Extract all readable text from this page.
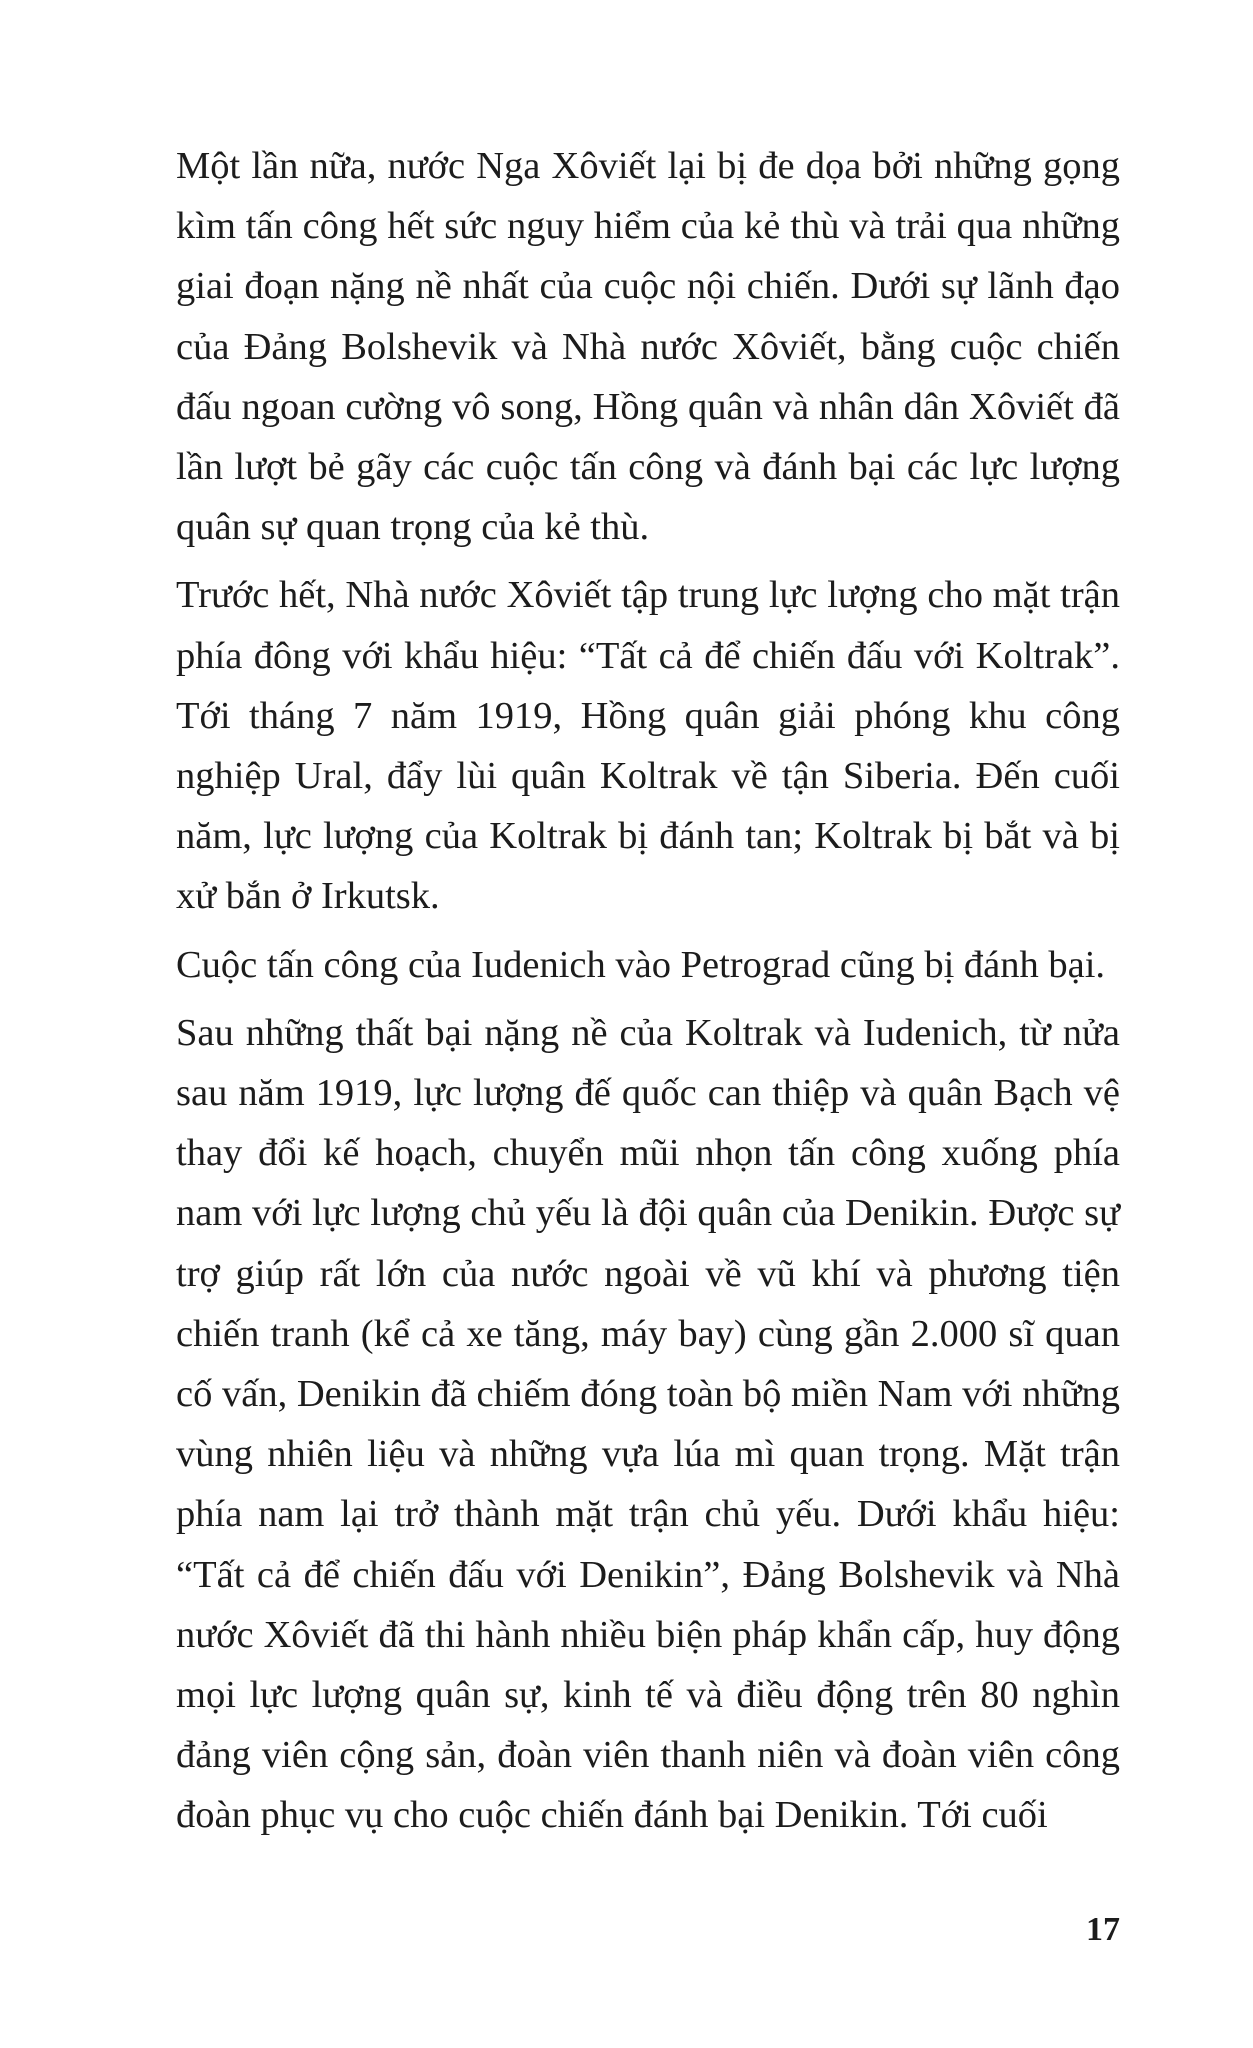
Một lần nữa, nước Nga Xôviết lại bị đe dọa bởi những gọng kìm tấn công hết sức nguy hiểm của kẻ thù và trải qua những giai đoạn nặng nề nhất của cuộc nội chiến. Dưới sự lãnh đạo của Đảng Bolshevik và Nhà nước Xôviết, bằng cuộc chiến đấu ngoan cường vô song, Hồng quân và nhân dân Xôviết đã lần lượt bẻ gãy các cuộc tấn công và đánh bại các lực lượng quân sự quan trọng của kẻ thù.

Trước hết, Nhà nước Xôviết tập trung lực lượng cho mặt trận phía đông với khẩu hiệu: “Tất cả để chiến đấu với Koltrak”. Tới tháng 7 năm 1919, Hồng quân giải phóng khu công nghiệp Ural, đẩy lùi quân Koltrak về tận Siberia. Đến cuối năm, lực lượng của Koltrak bị đánh tan; Koltrak bị bắt và bị xử bắn ở Irkutsk.

Cuộc tấn công của Iudenich vào Petrograd cũng bị đánh bại.

Sau những thất bại nặng nề của Koltrak và Iudenich, từ nửa sau năm 1919, lực lượng đế quốc can thiệp và quân Bạch vệ thay đổi kế hoạch, chuyển mũi nhọn tấn công xuống phía nam với lực lượng chủ yếu là đội quân của Denikin. Được sự trợ giúp rất lớn của nước ngoài về vũ khí và phương tiện chiến tranh (kể cả xe tăng, máy bay) cùng gần 2.000 sĩ quan cố vấn, Denikin đã chiếm đóng toàn bộ miền Nam với những vùng nhiên liệu và những vựa lúa mì quan trọng. Mặt trận phía nam lại trở thành mặt trận chủ yếu. Dưới khẩu hiệu: “Tất cả để chiến đấu với Denikin”, Đảng Bolshevik và Nhà nước Xôviết đã thi hành nhiều biện pháp khẩn cấp, huy động mọi lực lượng quân sự, kinh tế và điều động trên 80 nghìn đảng viên cộng sản, đoàn viên thanh niên và đoàn viên công đoàn phục vụ cho cuộc chiến đánh bại Denikin. Tới cuối

17
